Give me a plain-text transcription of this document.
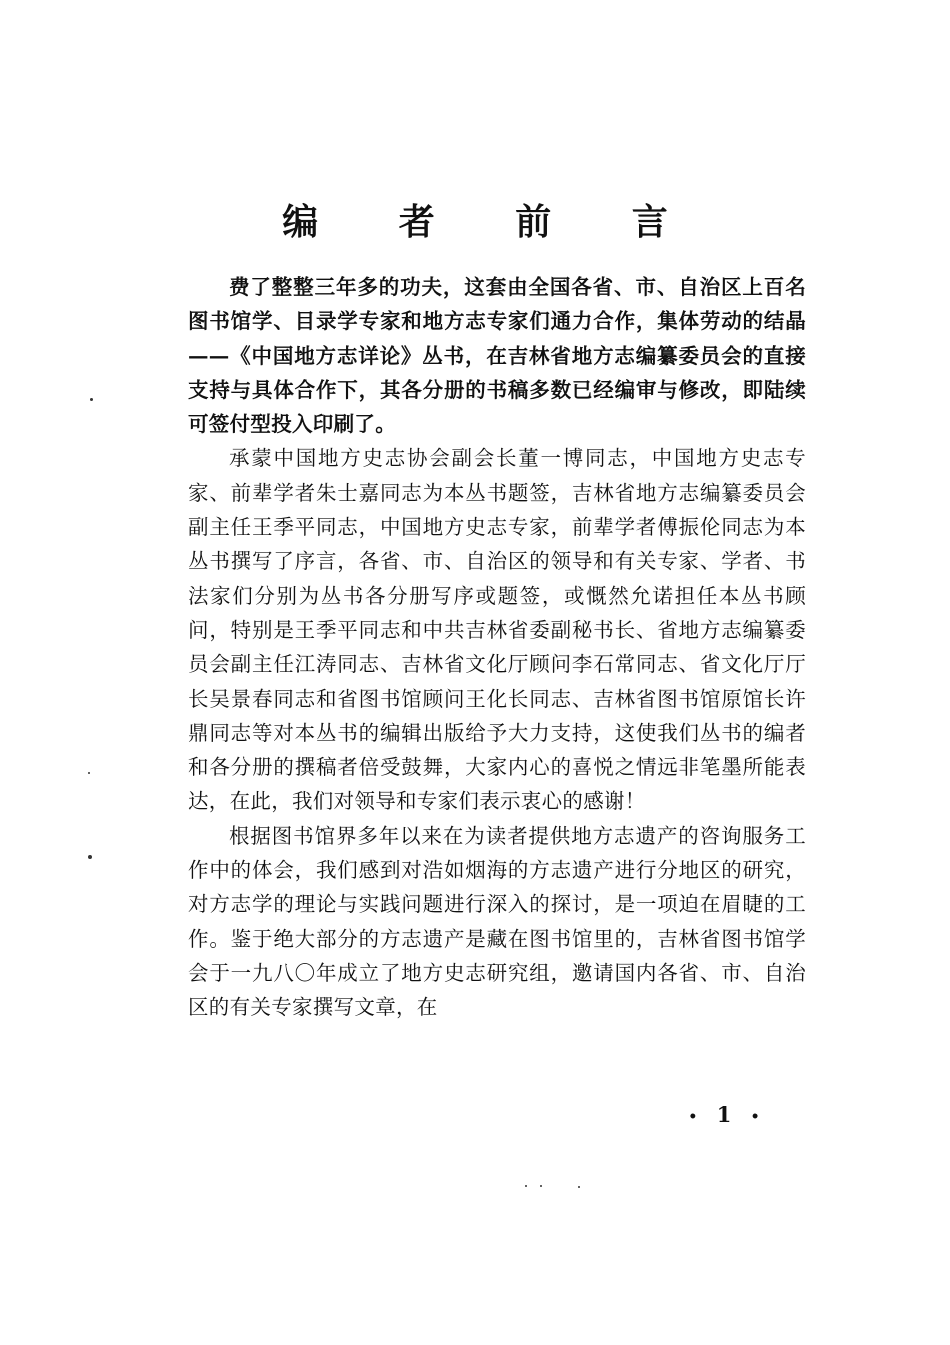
编 者 前 言

费了整整三年多的功夫，这套由全国各省、市、自治区上百名图书馆学、目录学专家和地方志专家们通力合作，集体劳动的结晶——《中国地方志详论》丛书，在吉林省地方志编纂委员会的直接支持与具体合作下，其各分册的书稿多数已经编审与修改，即陆续可签付型投入印刷了。

承蒙中国地方史志协会副会长董一博同志，中国地方史志专家、前辈学者朱士嘉同志为本丛书题签，吉林省地方志编纂委员会副主任王季平同志，中国地方史志专家，前辈学者傅振伦同志为本丛书撰写了序言，各省、市、自治区的领导和有关专家、学者、书法家们分别为丛书各分册写序或题签，或慨然允诺担任本丛书顾问，特别是王季平同志和中共吉林省委副秘书长、省地方志编纂委员会副主任江涛同志、吉林省文化厅顾问李石常同志、省文化厅厅长吴景春同志和省图书馆顾问王化长同志、吉林省图书馆原馆长许鼎同志等对本丛书的编辑出版给予大力支持，这使我们丛书的编者和各分册的撰稿者倍受鼓舞，大家内心的喜悦之情远非笔墨所能表达，在此，我们对领导和专家们表示衷心的感谢！

根据图书馆界多年以来在为读者提供地方志遗产的咨询服务工作中的体会，我们感到对浩如烟海的方志遗产进行分地区的研究，对方志学的理论与实践问题进行深入的探讨，是一项迫在眉睫的工作。鉴于绝大部分的方志遗产是藏在图书馆里的，吉林省图书馆学会于一九八〇年成立了地方史志研究组，邀请国内各省、市、自治区的有关专家撰写文章，在

• 1 •
